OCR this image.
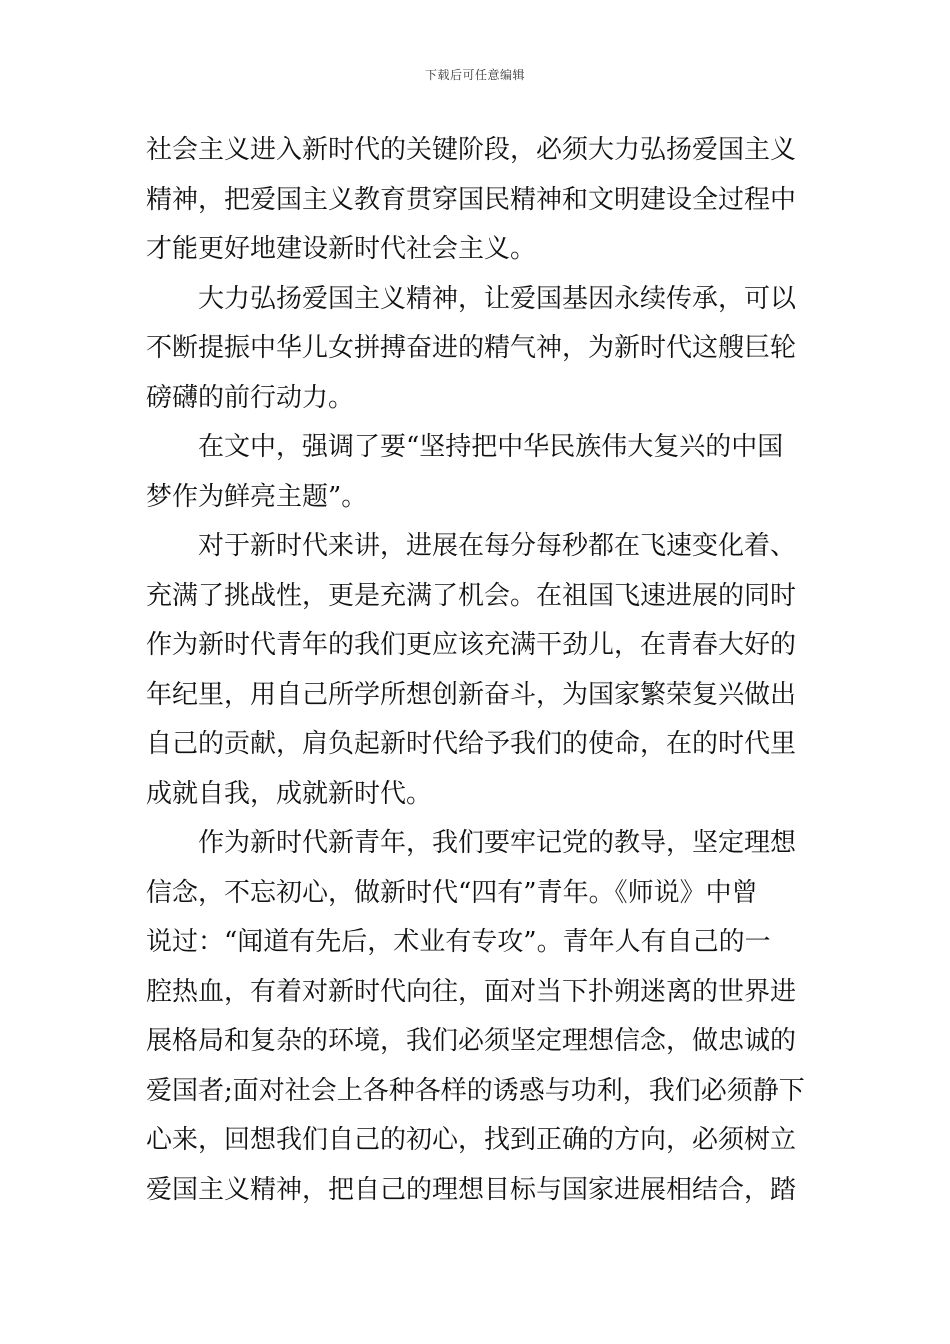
下载后可任意编辑
社会主义进入新时代的关键阶段，必须大力弘扬爱国主义
精神，把爱国主义教育贯穿国民精神和文明建设全过程中
才能更好地建设新时代社会主义。
大力弘扬爱国主义精神，让爱国基因永续传承，可以
不断提振中华儿女拼搏奋进的精气神，为新时代这艘巨轮
磅礴的前行动力。
在文中，强调了要“坚持把中华民族伟大复兴的中国
梦作为鲜亮主题”。
对于新时代来讲，进展在每分每秒都在飞速变化着、
充满了挑战性，更是充满了机会。在祖国飞速进展的同时
作为新时代青年的我们更应该充满干劲儿，在青春大好的
年纪里，用自己所学所想创新奋斗，为国家繁荣复兴做出
自己的贡献，肩负起新时代给予我们的使命，在的时代里
成就自我，成就新时代。
作为新时代新青年，我们要牢记党的教导，坚定理想
信念，不忘初心，做新时代“四有”青年。《师说》中曾
说过：“闻道有先后，术业有专攻”。青年人有自己的一
腔热血，有着对新时代向往，面对当下扑朔迷离的世界进
展格局和复杂的环境，我们必须坚定理想信念，做忠诚的
爱国者;面对社会上各种各样的诱惑与功利，我们必须静下
心来，回想我们自己的初心，找到正确的方向，必须树立
爱国主义精神，把自己的理想目标与国家进展相结合，踏
